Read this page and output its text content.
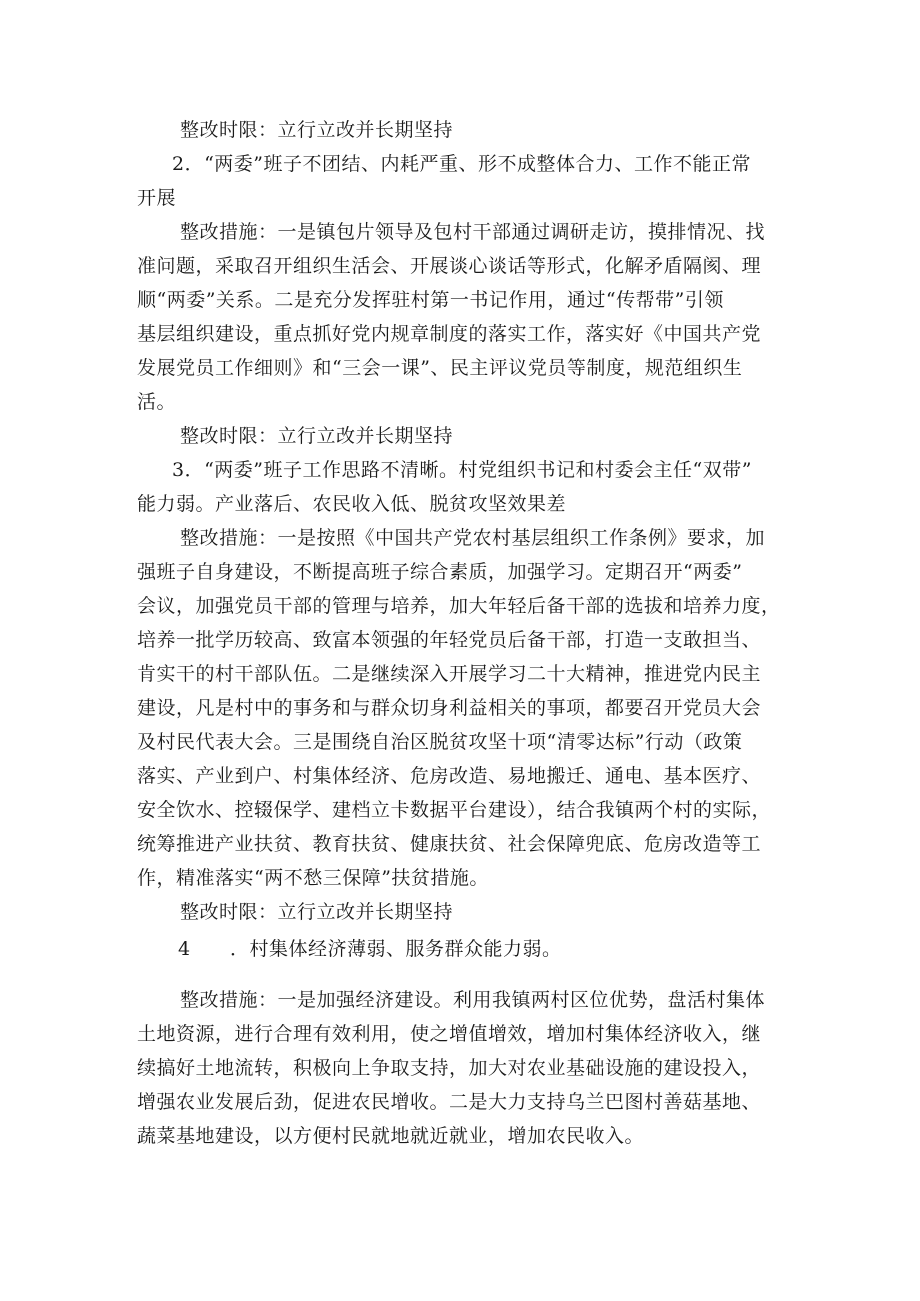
整改时限：立行立改并长期坚持
2．“两委”班子不团结、内耗严重、形不成整体合力、工作不能正常
开展
整改措施：一是镇包片领导及包村干部通过调研走访，摸排情况、找
准问题，采取召开组织生活会、开展谈心谈话等形式，化解矛盾隔阂、理
顺“两委”关系。二是充分发挥驻村第一书记作用，通过“传帮带”引领
基层组织建设，重点抓好党内规章制度的落实工作，落实好《中国共产党
发展党员工作细则》和“三会一课”、民主评议党员等制度，规范组织生
活。
整改时限：立行立改并长期坚持
3．“两委”班子工作思路不清晰。村党组织书记和村委会主任“双带”
能力弱。产业落后、农民收入低、脱贫攻坚效果差
整改措施：一是按照《中国共产党农村基层组织工作条例》要求，加
强班子自身建设，不断提高班子综合素质，加强学习。定期召开“两委”
会议，加强党员干部的管理与培养，加大年轻后备干部的选拔和培养力度，
培养一批学历较高、致富本领强的年轻党员后备干部，打造一支敢担当、
肯实干的村干部队伍。二是继续深入开展学习二十大精神，推进党内民主
建设，凡是村中的事务和与群众切身利益相关的事项，都要召开党员大会
及村民代表大会。三是围绕自治区脱贫攻坚十项“清零达标”行动（政策
落实、产业到户、村集体经济、危房改造、易地搬迁、通电、基本医疗、
安全饮水、控辍保学、建档立卡数据平台建设），结合我镇两个村的实际，
统筹推进产业扶贫、教育扶贫、健康扶贫、社会保障兜底、危房改造等工
作，精准落实“两不愁三保障”扶贫措施。
整改时限：立行立改并长期坚持
4	．村集体经济薄弱、服务群众能力弱。
整改措施：一是加强经济建设。利用我镇两村区位优势，盘活村集体
土地资源，进行合理有效利用，使之增值增效，增加村集体经济收入，继
续搞好土地流转，积极向上争取支持，加大对农业基础设施的建设投入，
增强农业发展后劲，促进农民增收。二是大力支持乌兰巴图村善菇基地、
蔬菜基地建设，以方便村民就地就近就业，增加农民收入。
